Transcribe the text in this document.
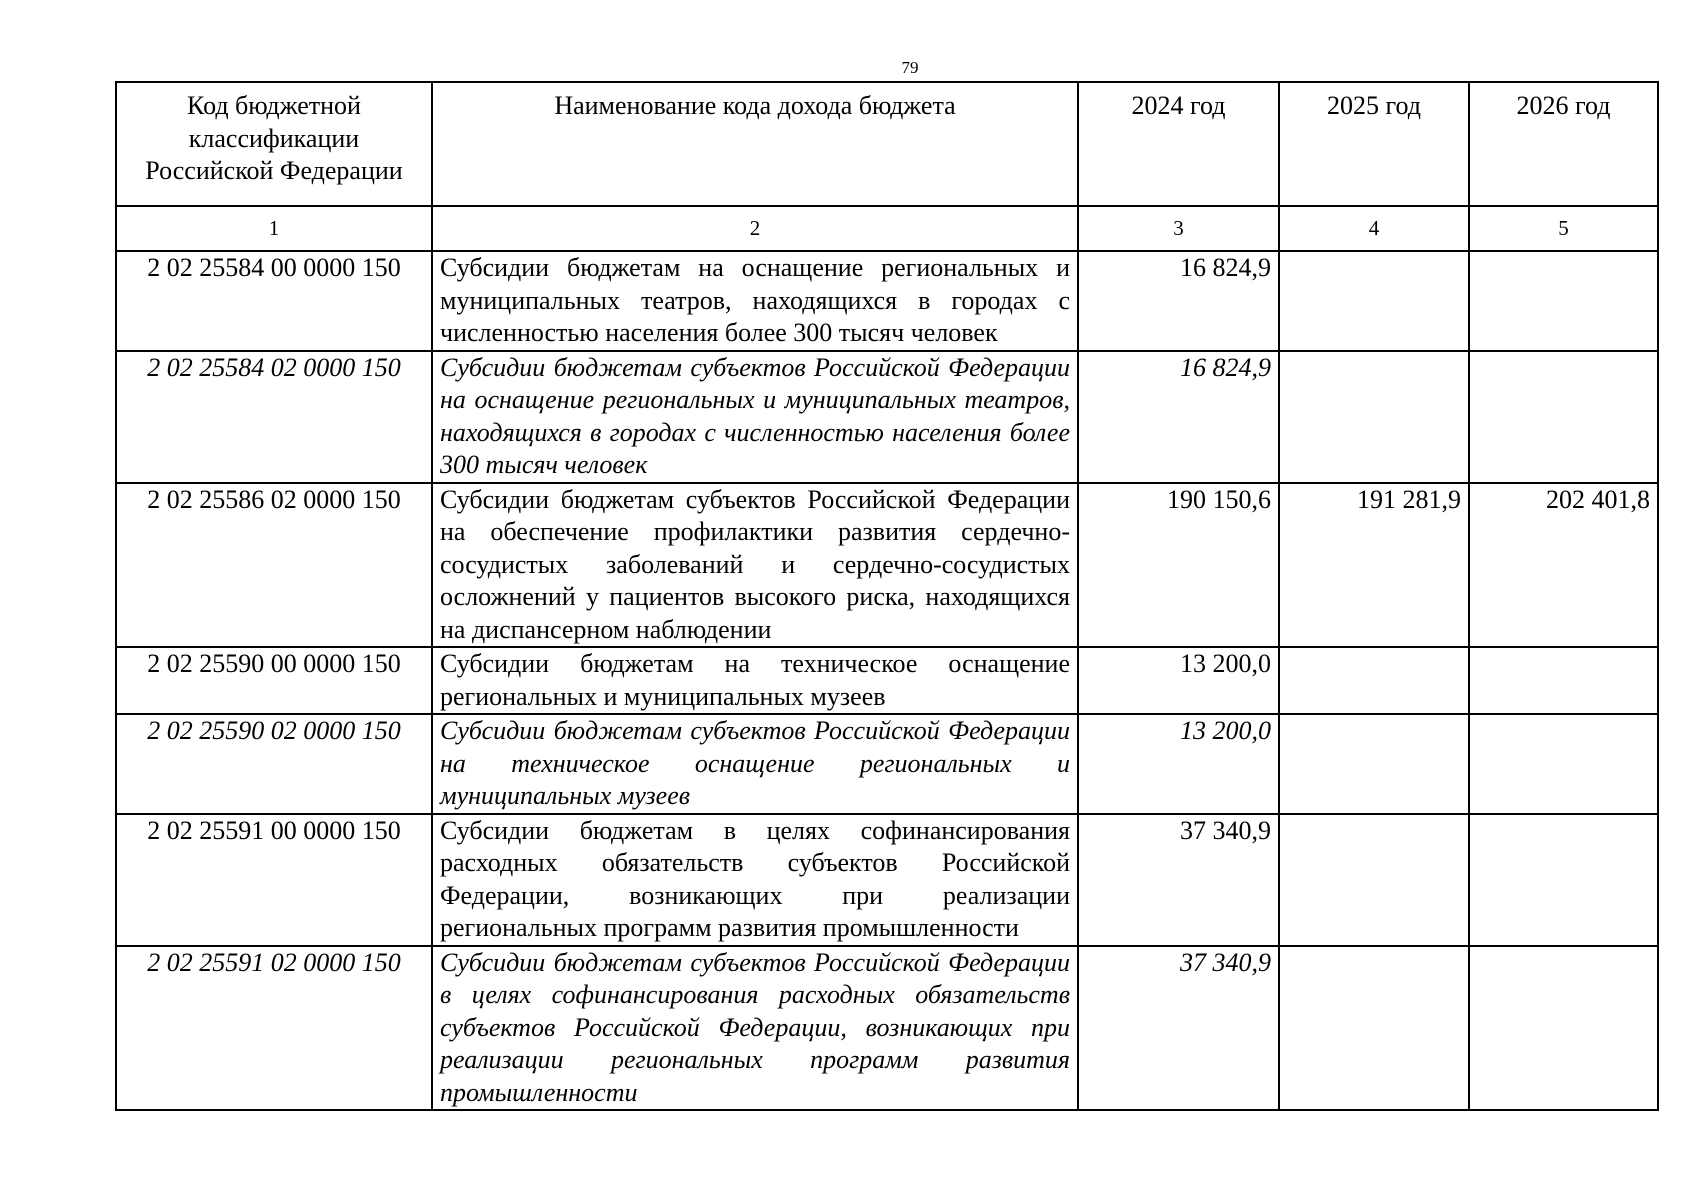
79
Код бюджетной классификации Российской Федерации	Наименование кода дохода бюджета	2024 год	2025 год	2026 год
1	2	3	4	5
2 02 25584 00 0000 150	Субсидии бюджетам на оснащение региональных и муниципальных театров, находящихся в городах с численностью населения более 300 тысяч человек	16 824,9		
2 02 25584 02 0000 150	Субсидии бюджетам субъектов Российской Федерации на оснащение региональных и муниципальных театров, находящихся в городах с численностью населения более 300 тысяч человек	16 824,9		
2 02 25586 02 0000 150	Субсидии бюджетам субъектов Российской Федерации на обеспечение профилактики развития сердечно-сосудистых заболеваний и сердечно-сосудистых осложнений у пациентов высокого риска, находящихся на диспансерном наблюдении	190 150,6	191 281,9	202 401,8
2 02 25590 00 0000 150	Субсидии бюджетам на техническое оснащение региональных и муниципальных музеев	13 200,0		
2 02 25590 02 0000 150	Субсидии бюджетам субъектов Российской Федерации на техническое оснащение региональных и муниципальных музеев	13 200,0		
2 02 25591 00 0000 150	Субсидии бюджетам в целях софинансирования расходных обязательств субъектов Российской Федерации, возникающих при реализации региональных программ развития промышленности	37 340,9		
2 02 25591 02 0000 150	Субсидии бюджетам субъектов Российской Федерации в целях софинансирования расходных обязательств субъектов Российской Федерации, возникающих при реализации региональных программ развития промышленности	37 340,9		
